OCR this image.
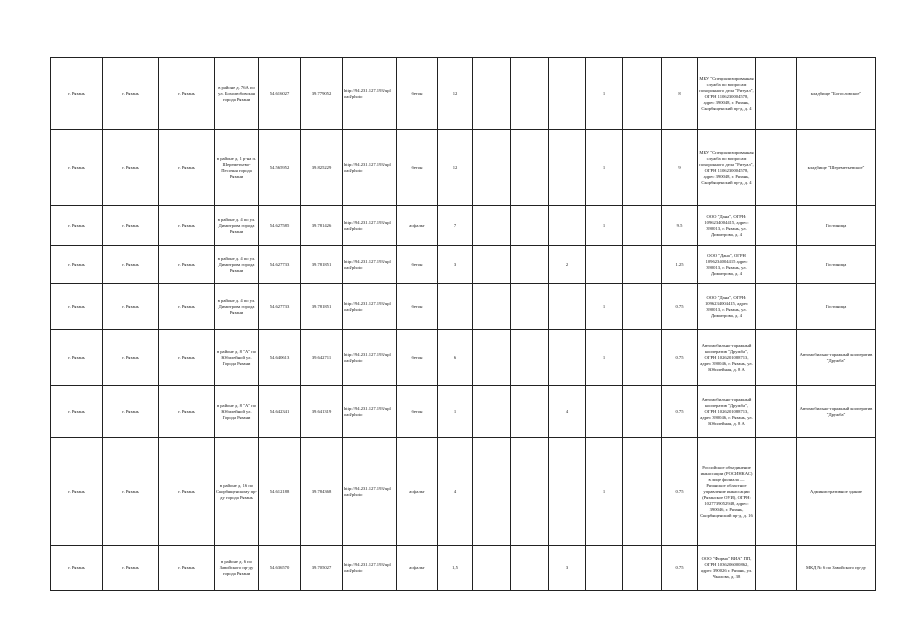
г. Рязань	г. Рязань	г. Рязань	в районе д. 76А по ул. Бохолюбовская города Рязани	54.616027	39.779052	http://94.231.127.193/upl oad/photo	бетон	12				1		8	МБУ "Специализированная служба по вопросам похоронного дела "Ритуал", ОГРН 1106230004578, адрес 390048, г. Рязань, Скорбященский пр-д, д. 4		кладбище "Богословское"
г. Рязань	г. Рязань	г. Рязань	в районе д. 1 р-на п. Шереметьево-Песочня города Рязани	54.565952	39.825229	http://94.231.127.193/upl oad/photo	бетон	12				1		9	МБУ "Специализированная служба по вопросам похоронного дела "Ритуал", ОГРН 1106230004578, адрес 390048, г. Рязань, Скорбященский пр-д, д. 4		кладбище "Шереметьевское"
г. Рязань	г. Рязань	г. Рязань	в районе д. 4 по ул. Димитрова города Рязани	54.627585	39.781426	http://94.231.127.193/upl oad/photo	асфальт	7				1		9.5	ООО "Дана", ОГРН: 1096234004415, адрес: 390013, г. Рязань, ул. Димитрова, д. 4		Гостиница
г. Рязань	г. Рязань	г. Рязань	в районе д. 4 по ул. Димитрова города Рязани	54.627733	39.781851	http://94.231.127.193/upl oad/photo	бетон	3			2			1.25	ООО "Дана", ОГРН 1096234004415 адрес 390013, г. Рязань, ул. Димитрова, д. 4		Гостиница
г. Рязань	г. Рязань	г. Рязань	в районе д. 4 по ул. Димитрова города Рязани	54.627733	39.781851	http://94.231.127.193/upl oad/photo	бетон					1		0.75	ООО "Дана", ОГРН: 1096234004415, адрес 390013, г. Рязань, ул. Димитрова, д. 4		Гостиница
г. Рязань	г. Рязань	г. Рязань	в районе д. 8 "А" по Юбилейной ул. Города Рязани	54.640613	39.642711	http://94.231.127.193/upl oad/photo	бетон	6				1		0.75	Автомобильно-гаражный кооператив "Дружба", ОГРН 1026201088713, адрес 390046, г. Рязань, ул. Юбилейная, д. 8 А		Автомобильно-гаражный кооператив "Дружба"
г. Рязань	г. Рязань	г. Рязань	в районе д. 8 "А" по Юбилейной ул. Города Рязани	54.642341	39.641319	http://94.231.127.193/upl oad/photo	бетон	1			4			0.75	Автомобильно-гаражный кооператив "Дружба", ОГРН 1026201088713, адрес 390046, г. Рязань, ул. Юбилейная, д. 8 А		Автомобильно-гаражный кооператив "Дружба"
г. Рязань	г. Рязань	г. Рязань	в районе д. 16 по Скорбященскому пр-ду города Рязань	54.612188	39.784368	http://94.231.127.193/upl oad/photo	асфальт	4				1		0.75	Российское объединение инкассации (РОСИНКАС) в лице филиала — Рязанское областное управление инкассации (Рязанское ОУИ), ОГРН: 1027739052948, адрес: 390046, г. Рязань, Скорбященский пр-д, д. 16		Административное здание
г. Рязань	г. Рязань	г. Рязань	в районе д. 6 по Завойского пр-ду города Рязани	54.636570	39.705027	http://94.231.127.193/upl oad/photo	асфальт	1,5			3			0.75	ООО "Фирма" ВИА" ПП, ОГРН 1036206000862, адрес 390026 г. Рязань, ул. Чкалова, д. 38		МКД № 6 по Завойского пр-ду
